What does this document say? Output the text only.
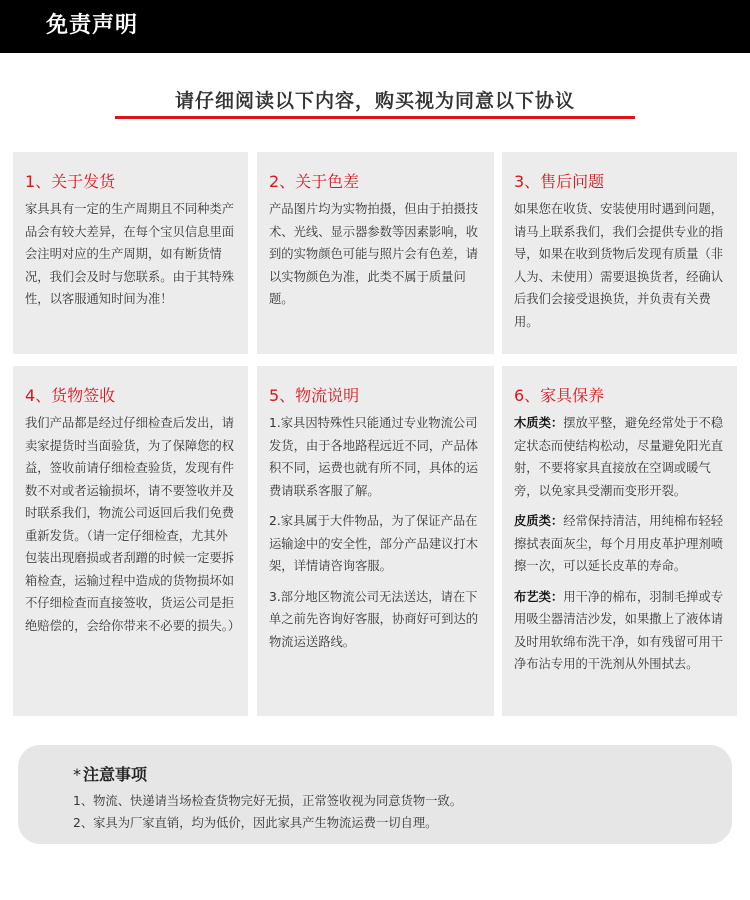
免责声明
请仔细阅读以下内容，购买视为同意以下协议
1、关于发货

家具具有一定的生产周期且不同种类产品会有较大差异，在每个宝贝信息里面会注明对应的生产周期，如有断货情况，我们会及时与您联系。由于其特殊性，以客服通知时间为准！

2、关于色差

产品图片均为实物拍摄，但由于拍摄技术、光线、显示器参数等因素影响，收到的实物颜色可能与照片会有色差，请以实物颜色为准，此类不属于质量问题。

3、售后问题

如果您在收货、安装使用时遇到问题，请马上联系我们，我们会提供专业的指导，如果在收到货物后发现有质量（非人为、未使用）需要退换货者，经确认后我们会接受退换货，并负责有关费用。

4、货物签收

我们产品都是经过仔细检查后发出，请卖家提货时当面验货，为了保障您的权益，签收前请仔细检查验货，发现有件数不对或者运输损坏，请不要签收并及时联系我们，物流公司返回后我们免费重新发货。（请一定仔细检查，尤其外包装出现磨损或者刮蹭的时候一定要拆箱检查，运输过程中造成的货物损坏如不仔细检查而直接签收，货运公司是拒绝赔偿的，会给你带来不必要的损失。）

5、物流说明

1.家具因特殊性只能通过专业物流公司发货，由于各地路程远近不同，产品体积不同，运费也就有所不同，具体的运费请联系客服了解。

2.家具属于大件物品，为了保证产品在运输途中的安全性，部分产品建议打木架，详情请咨询客服。

3.部分地区物流公司无法送达，请在下单之前先咨询好客服，协商好可到达的物流运送路线。

6、家具保养

木质类：摆放平整，避免经常处于不稳定状态而使结构松动，尽量避免阳光直射，不要将家具直接放在空调或暖气旁，以免家具受潮而变形开裂。

皮质类：经常保持清洁，用纯棉布轻轻擦拭表面灰尘，每个月用皮革护理剂喷擦一次，可以延长皮革的寿命。

布艺类：用干净的棉布，羽制毛掸或专用吸尘器清洁沙发，如果撒上了液体请及时用软绵布洗干净，如有残留可用干净布沾专用的干洗剂从外围拭去。

* 注意事项
1、物流、快递请当场检查货物完好无损，正常签收视为同意货物一致。
2、家具为厂家直销，均为低价，因此家具产生物流运费一切自理。
